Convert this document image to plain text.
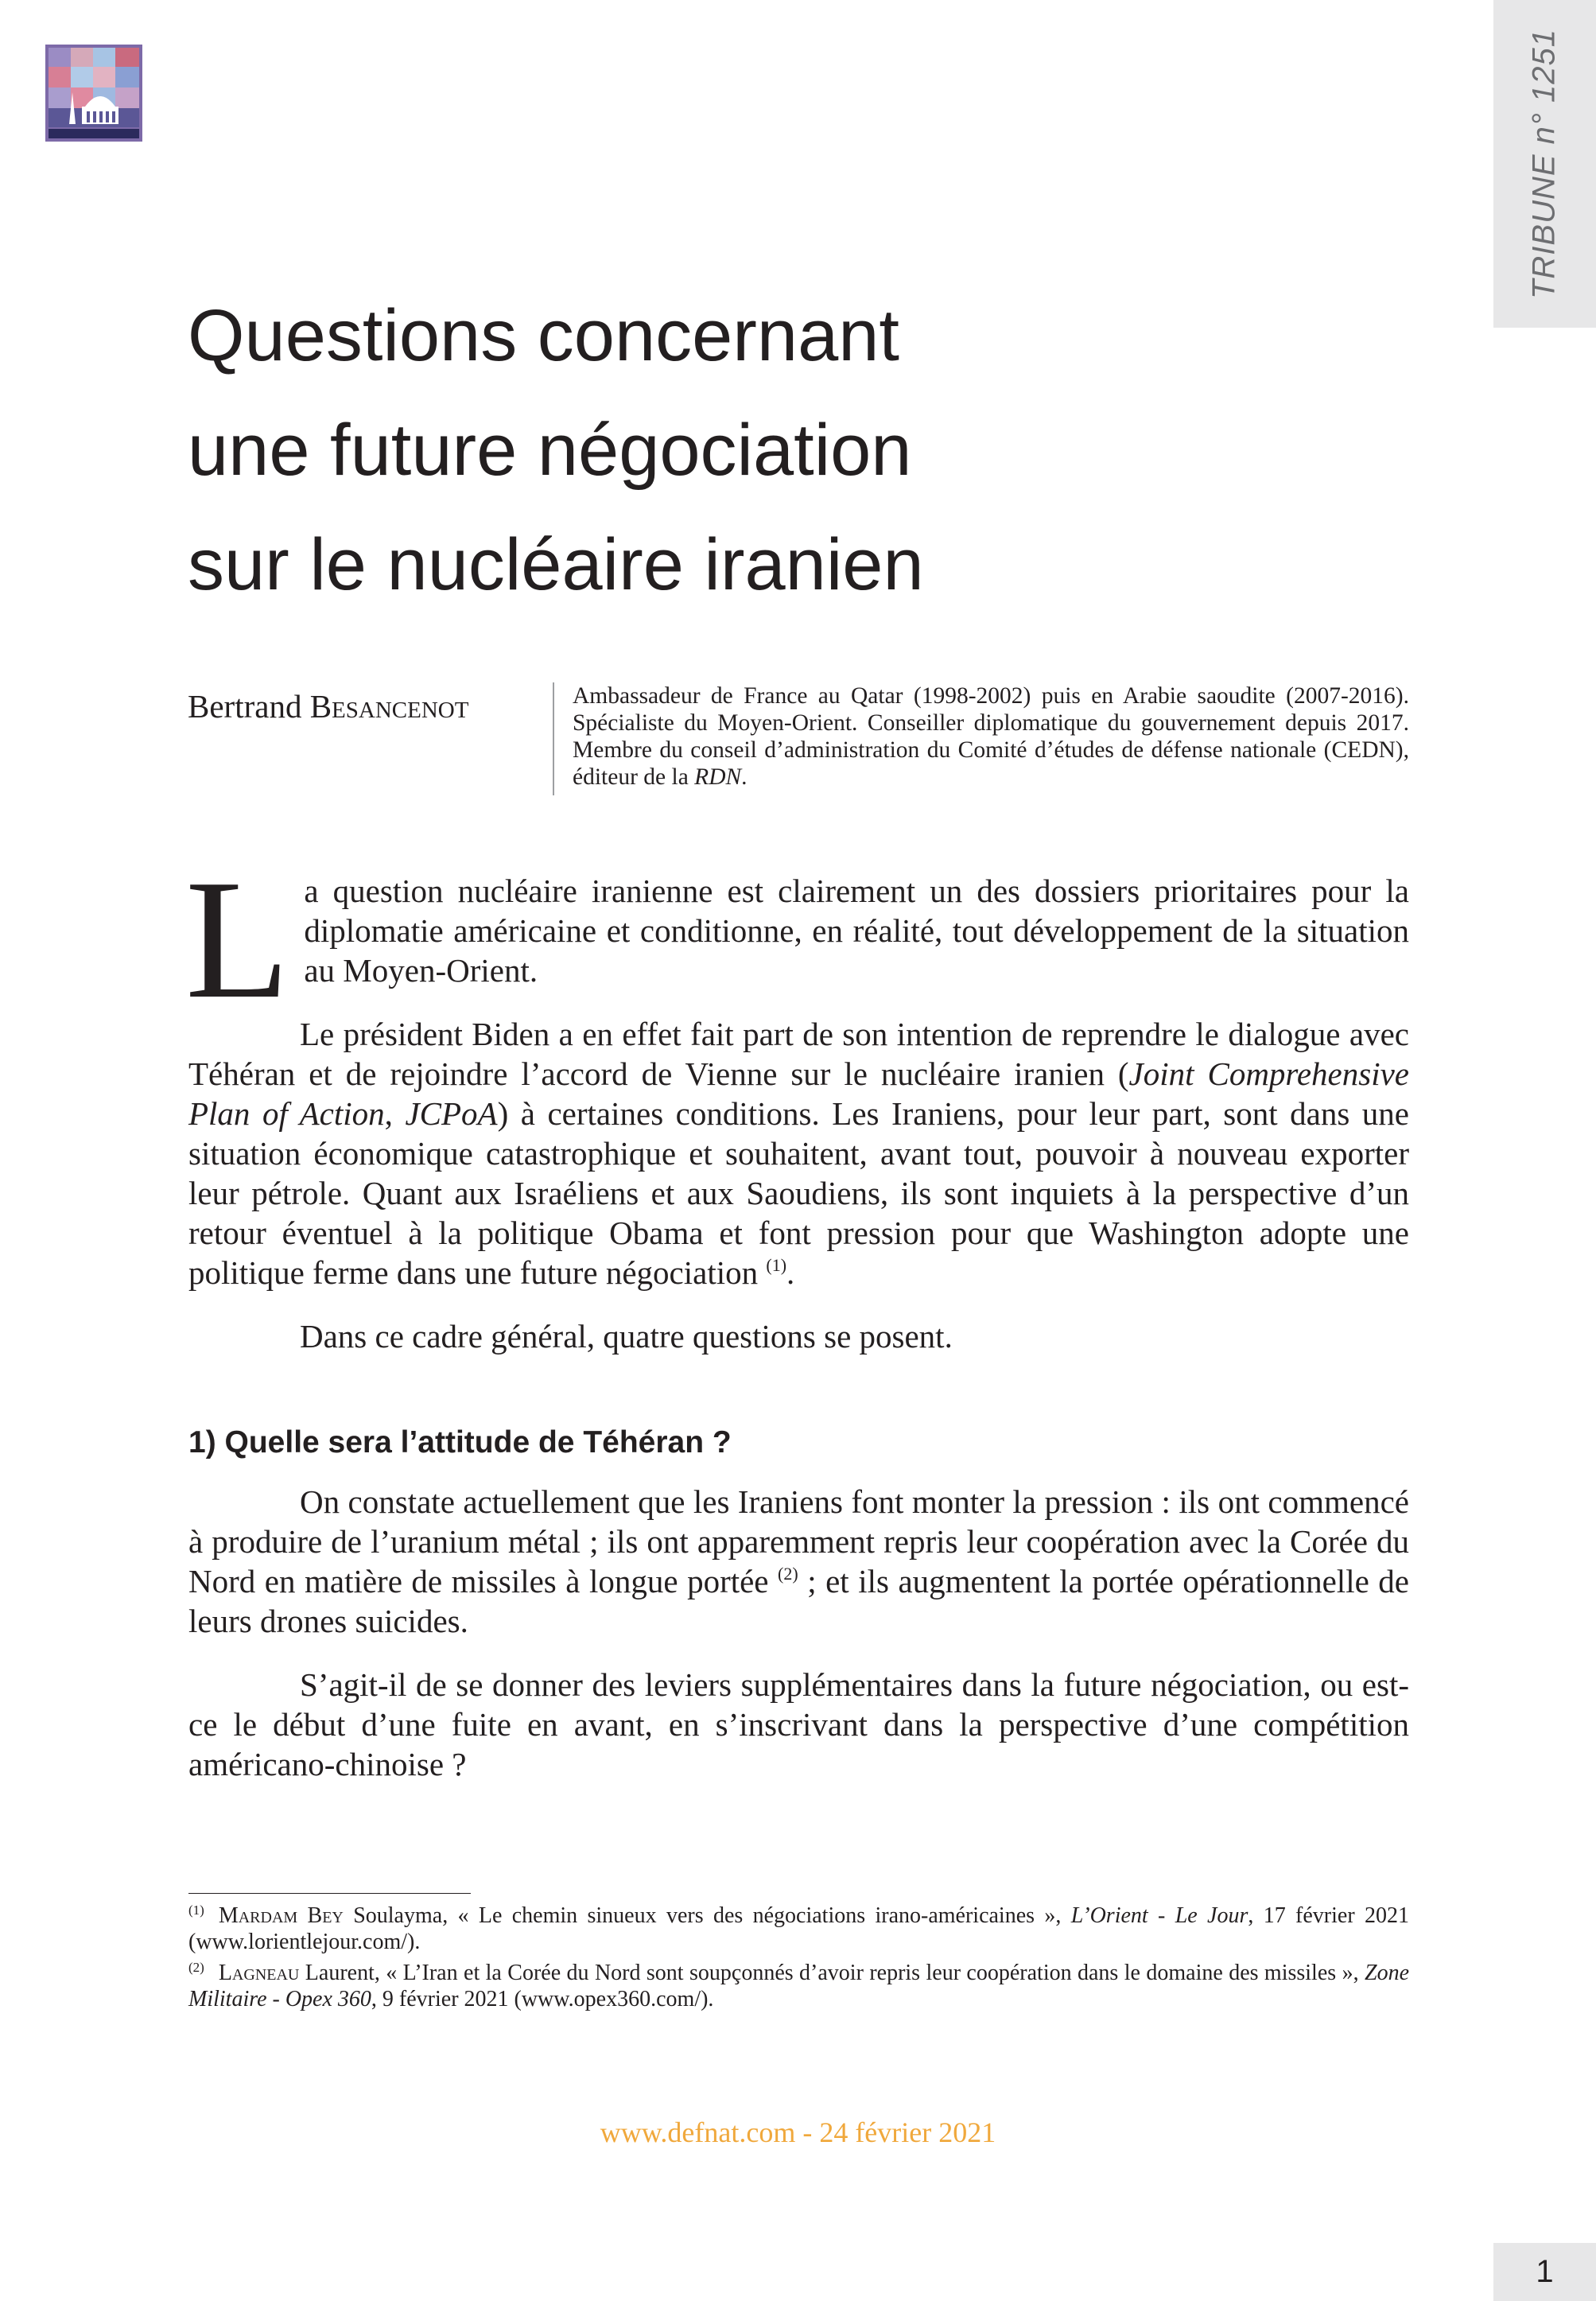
TRIBUNE n° 1251
Questions concernant
une future négociation
sur le nucléaire iranien
Bertrand Besancenot	Ambassadeur de France au Qatar (1998-2002) puis en Arabie saoudite (2007-2016). Spécialiste du Moyen-Orient. Conseiller diplomatique du gouvernement depuis 2017. Membre du conseil d’administration du Comité d’études de défense nationale (CEDN), éditeur de la RDN.

La question nucléaire iranienne est clairement un des dossiers prioritaires pour la diplomatie américaine et conditionne, en réalité, tout développement de la situation au Moyen-Orient.

Le président Biden a en effet fait part de son intention de reprendre le dialogue avec Téhéran et de rejoindre l’accord de Vienne sur le nucléaire iranien (Joint Comprehensive Plan of Action, JCPoA) à certaines conditions. Les Iraniens, pour leur part, sont dans une situation économique catastrophique et souhaitent, avant tout, pouvoir à nouveau exporter leur pétrole. Quant aux Israéliens et aux Saoudiens, ils sont inquiets à la perspective d’un retour éventuel à la politique Obama et font pression pour que Washington adopte une politique ferme dans une future négociation $^{(1)}$.

Dans ce cadre général, quatre questions se posent.

1) Quelle sera l’attitude de Téhéran ?

On constate actuellement que les Iraniens font monter la pression : ils ont commencé à produire de l’uranium métal ; ils ont apparemment repris leur coopération avec la Corée du Nord en matière de missiles à longue portée $^{(2)}$ ; et ils augmentent la portée opérationnelle de leurs drones suicides.

S’agit-il de se donner des leviers supplémentaires dans la future négociation, ou est-ce le début d’une fuite en avant, en s’inscrivant dans la perspective d’une compétition américano-chinoise ?

$^{(1)}$ Mardam Bey Soulayma, « Le chemin sinueux vers des négociations irano-américaines », L’Orient - Le Jour, 17 février 2021 (www.lorientlejour.com/).

$^{(2)}$ Lagneau Laurent, « L’Iran et la Corée du Nord sont soupçonnés d’avoir repris leur coopération dans le domaine des missiles », Zone Militaire - Opex 360, 9 février 2021 (www.opex360.com/).

www.defnat.com - 24 février 2021
1
